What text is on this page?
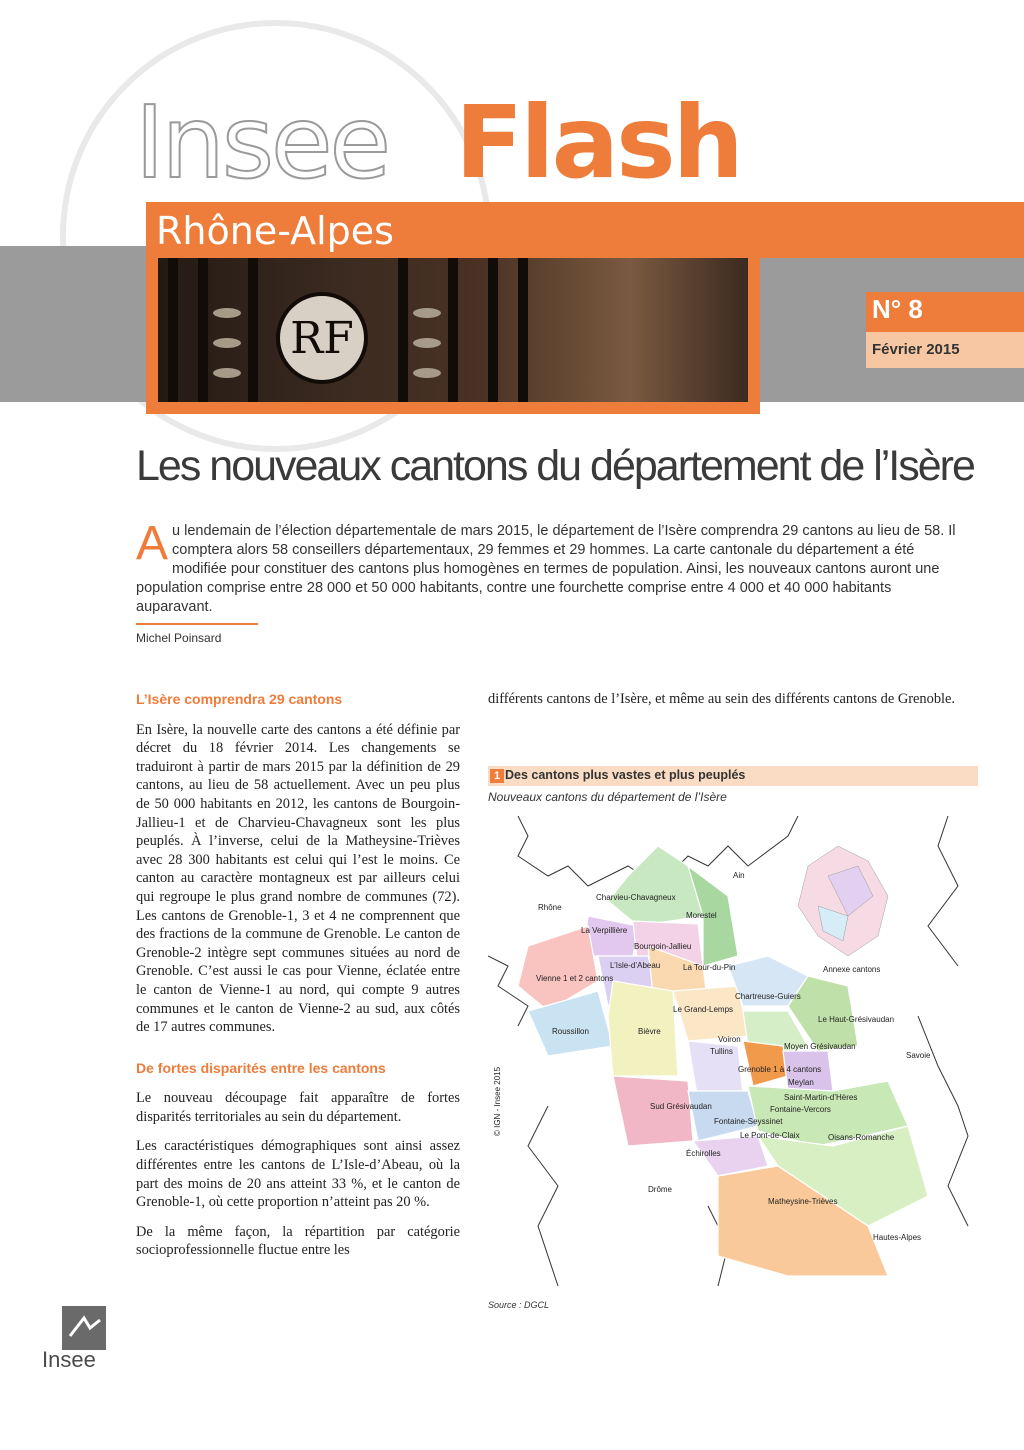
Insee Flash
Rhône-Alpes
RF
N° 8
Février 2015
Les nouveaux cantons du département de l’Isère
Au lendemain de l’élection départementale de mars 2015, le département de l’Isère comprendra 29 cantons au lieu de 58. Il comptera alors 58 conseillers départementaux, 29 femmes et 29 hommes. La carte cantonale du département a été modifiée pour constituer des cantons plus homogènes en termes de population. Ainsi, les nouveaux cantons auront une population comprise entre 28 000 et 50 000 habitants, contre une fourchette comprise entre 4 000 et 40 000 habitants auparavant.
Michel Poinsard
L’Isère comprendra 29 cantons

En Isère, la nouvelle carte des cantons a été définie par décret du 18 février 2014. Les changements se traduiront à partir de mars 2015 par la définition de 29 cantons, au lieu de 58 actuellement. Avec un peu plus de 50 000 habitants en 2012, les cantons de Bourgoin-Jallieu-1 et de Charvieu-Chavagneux sont les plus peuplés. À l’inverse, celui de la Matheysine-Trièves avec 28 300 habitants est celui qui l’est le moins. Ce canton au caractère montagneux est par ailleurs celui qui regroupe le plus grand nombre de communes (72). Les cantons de Grenoble-1, 3 et 4 ne comprennent que des fractions de la commune de Grenoble. Le canton de Grenoble-2 intègre sept communes situées au nord de Grenoble. C’est aussi le cas pour Vienne, éclatée entre le canton de Vienne-1 au nord, qui compte 9 autres communes et le canton de Vienne-2 au sud, aux côtés de 17 autres communes.

De fortes disparités entre les cantons

Le nouveau découpage fait apparaître de fortes disparités territoriales au sein du département.

Les caractéristiques démographiques sont ainsi assez différentes entre les cantons de L’Isle-d’Abeau, où la part des moins de 20 ans atteint 33 %, et le canton de Grenoble-1, où cette proportion n’atteint pas 20 %.

De la même façon, la répartition par catégorie socioprofessionnelle fluctue entre les

différents cantons de l’Isère, et même au sein des différents cantons de Grenoble.

1 Des cantons plus vastes et plus peuplés
Nouveaux cantons du département de l’Isère
Ain
Rhône
Savoie
Drôme
Hautes-Alpes
Annexe cantons
Charvieu-Chavagneux
Morestel
La Verpillière
Bourgoin-Jallieu
L’Isle-d’Abeau	La Tour-du-Pin
Vienne 1 et 2 cantons
Chartreuse-Guiers
Le Grand-Lemps
Le Haut-Grésivaudan
Roussillon	Bièvre
Voiron
Tullins
Moyen Grésivaudan
Grenoble 1 à 4 cantons
Meylan
Saint-Martin-d’Hères
Sud Grésivaudan	Fontaine-Vercors
Fontaine-Seyssinet
Le Pont-de-Claix	Oisans-Romanche
Échirolles
Matheysine-Trièves
© IGN - Insee 2015
Source : DGCL
Insee
